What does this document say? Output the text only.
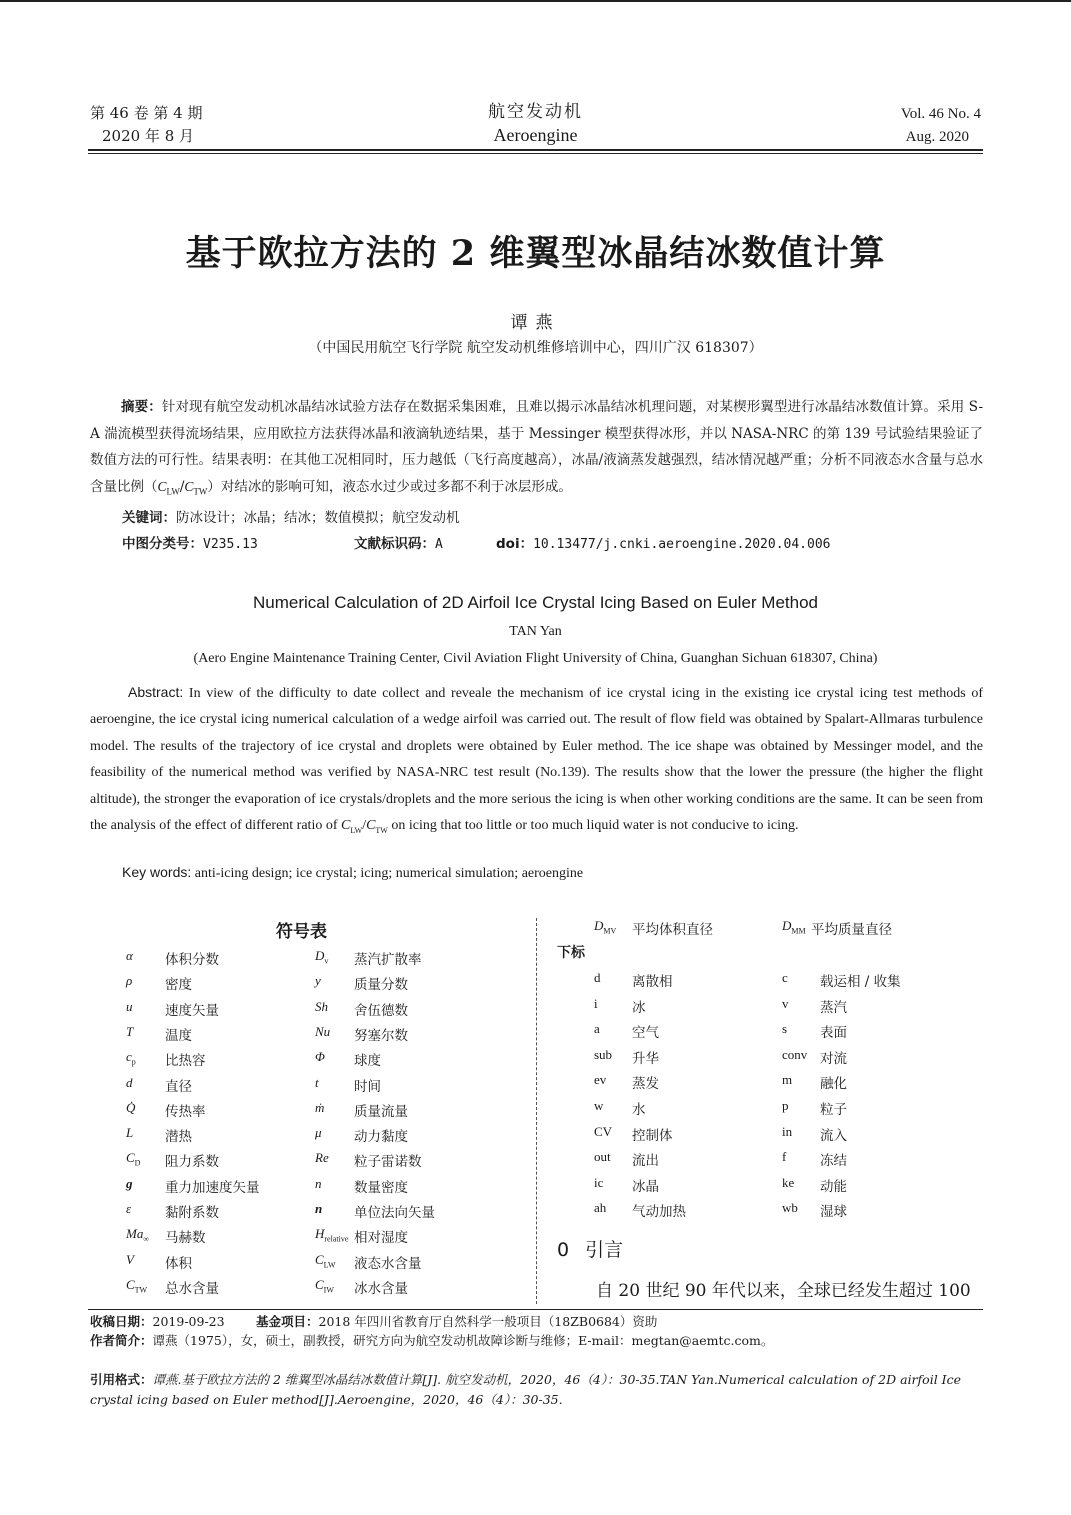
第 46 卷 第 4 期
2020 年 8 月
航空发动机
Aeroengine
Vol. 46 No. 4
Aug. 2020
基于欧拉方法的 2 维翼型冰晶结冰数值计算
谭燕
（中国民用航空飞行学院 航空发动机维修培训中心，四川广汉 618307）
摘要：针对现有航空发动机冰晶结冰试验方法存在数据采集困难，且难以揭示冰晶结冰机理问题，对某楔形翼型进行冰晶结冰数值计算。采用 S-A 湍流模型获得流场结果，应用欧拉方法获得冰晶和液滴轨迹结果，基于 Messinger 模型获得冰形，并以 NASA-NRC 的第 139 号试验结果验证了数值方法的可行性。结果表明：在其他工况相同时，压力越低（飞行高度越高），冰晶/液滴蒸发越强烈，结冰情况越严重；分析不同液态水含量与总水含量比例$(C_{LW}/C_{TW})$对结冰的影响可知，液态水过少或过多都不利于冰层形成。
关键词：防冰设计；冰晶；结冰；数值模拟；航空发动机
中图分类号：V235.13	文献标识码：A	doi：10.13477/j.cnki.aeroengine.2020.04.006
Numerical Calculation of 2D Airfoil Ice Crystal Icing Based on Euler Method
TAN Yan
(Aero Engine Maintenance Training Center, Civil Aviation Flight University of China, Guanghan Sichuan 618307, China)
Abstract: In view of the difficulty to date collect and reveale the mechanism of ice crystal icing in the existing ice crystal icing test methods of aeroengine, the ice crystal icing numerical calculation of a wedge airfoil was carried out. The result of flow field was obtained by Spalart-Allmaras turbulence model. The results of the trajectory of ice crystal and droplets were obtained by Euler method. The ice shape was obtained by Messinger model, and the feasibility of the numerical method was verified by NASA-NRC test result (No.139). The results show that the lower the pressure (the higher the flight altitude), the stronger the evaporation of ice crystals/droplets and the more serious the icing is when other working conditions are the same. It can be seen from the analysis of the effect of different ratio of $C_{LW}/C_{TW}$ on icing that too little or too much liquid water is not conducive to icing.
Key words: anti-icing design; ice crystal; icing; numerical simulation; aeroengine
符号表
α 体积分数
ρ 密度
u 速度矢量
T 温度
$c_p$ 比热容
d 直径
Q̇ 传热率
L 潜热
$C_D$ 阻力系数
g 重力加速度矢量
ε	黏附系数
$Ma_\infty$ 马赫数
V 体积
$C_{TW}$ 总水含量
$D_v$ 蒸汽扩散率
y 质量分数
Sh 舍伍德数
Nu 努塞尔数
Φ 球度
t	时间
ṁ 质量流量
μ 动力黏度
Re 粒子雷诺数
n 数量密度
n 单位法向矢量
$H_{relative}$ 相对湿度
$C_{LW}$ 液态水含量
$C_{IW}$ 冰水含量
$D_{MV}$ 平均体积直径	$D_{MM}$ 平均质量直径
下标
d 离散相	c 载运相 / 收集
i	冰	v 蒸汽
a 空气	s 表面
sub 升华	conv 对流
ev 蒸发	m 融化
w 水	p 粒子
CV 控制体	in 流入
out 流出	f 冻结
ic 冰晶	ke 动能
ah 气动加热	wb 湿球
0 引言
自 20 世纪 90 年代以来，全球已经发生超过 100
收稿日期：2019-09-23	基金项目：2018 年四川省教育厅自然科学一般项目（18ZB0684）资助
作者简介：谭燕（1975），女，硕士，副教授，研究方向为航空发动机故障诊断与维修；E-mail：megtan@aemtc.com。
引用格式：谭燕.基于欧拉方法的 2 维翼型冰晶结冰数值计算[J]. 航空发动机，2020，46（4）：30-35.TAN Yan.Numerical calculation of 2D airfoil Ice crystal icing based on Euler method[J].Aeroengine，2020，46（4）：30-35.
